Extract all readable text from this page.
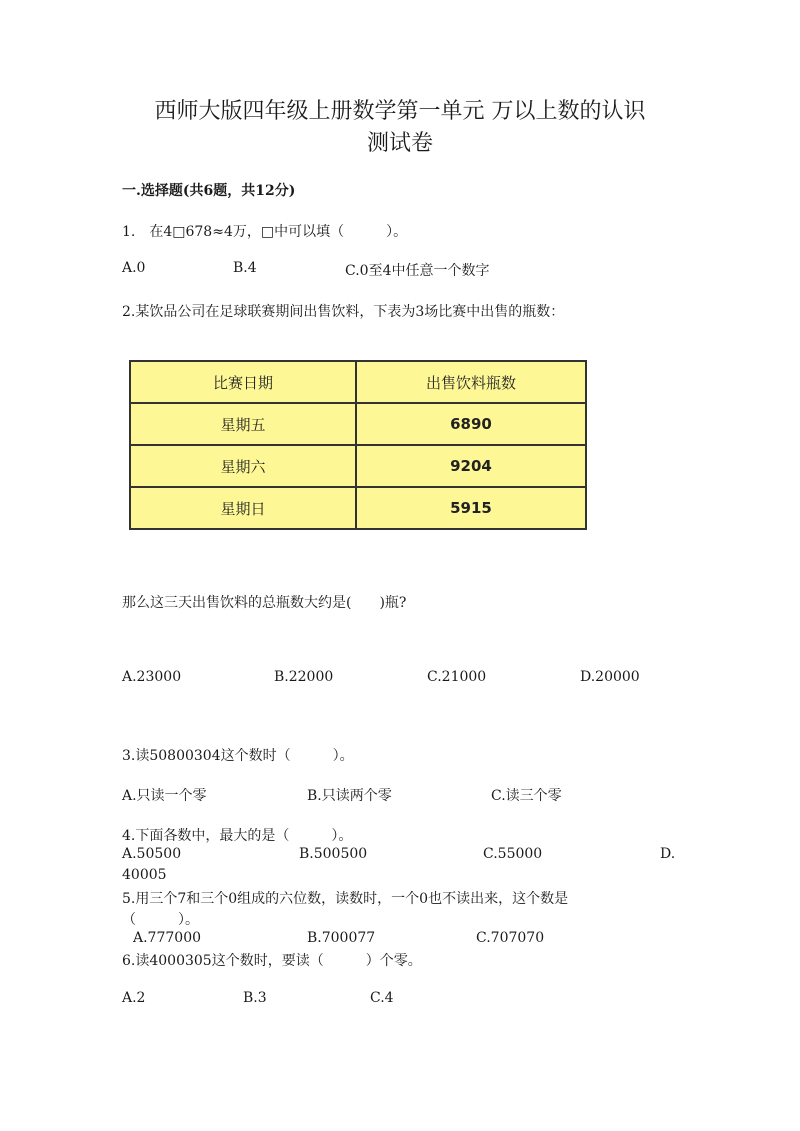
西师大版四年级上册数学第一单元 万以上数的认识
测试卷
一.选择题(共6题，共12分)
1.　在4□678≈4万，□中可以填（　　　）。
A.0	B.4	C.0至4中任意一个数字
2.某饮品公司在足球联赛期间出售饮料，下表为3场比赛中出售的瓶数：
比赛日期	出售饮料瓶数
星期五	6890
星期六	9204
星期日	5915
那么这三天出售饮料的总瓶数大约是(　　)瓶?
A.23000	B.22000	C.21000	D.20000
3.读50800304这个数时（　　　）。
A.只读一个零	B.只读两个零	C.读三个零
4.下面各数中，最大的是（　　　）。
A.50500	B.500500	C.55000	D.
40005
5.用三个7和三个0组成的六位数，读数时，一个0也不读出来，这个数是
（　　　）。
A.777000	B.700077	C.707070
6.读4000305这个数时，要读（　　　）个零。
A.2	B.3	C.4
